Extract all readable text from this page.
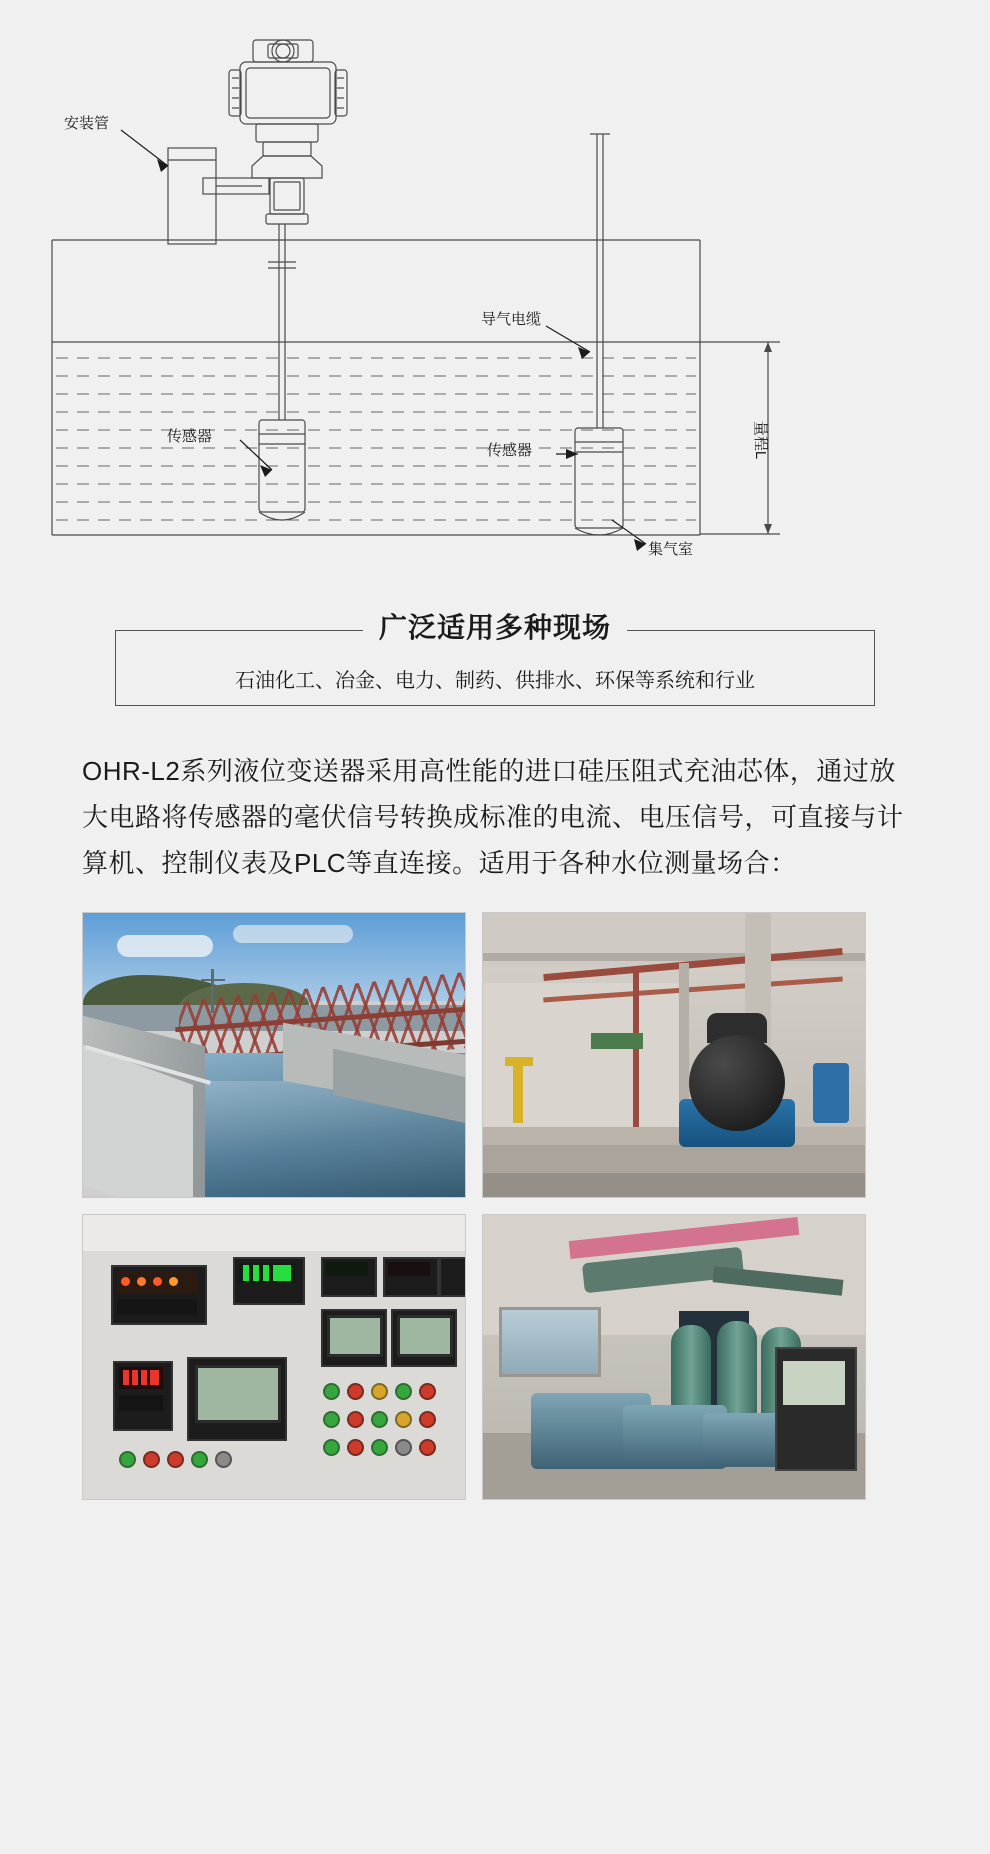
安装管
导气电缆
传感器
传感器
集气室
量程L
广泛适用多种现场
石油化工、冶金、电力、制药、供排水、环保等系统和行业
OHR-L2系列液位变送器采用高性能的进口硅压阻式充油芯体，通过放大电路将传感器的毫伏信号转换成标准的电流、电压信号，可直接与计算机、控制仪表及PLC等直连接。适用于各种水位测量场合：
